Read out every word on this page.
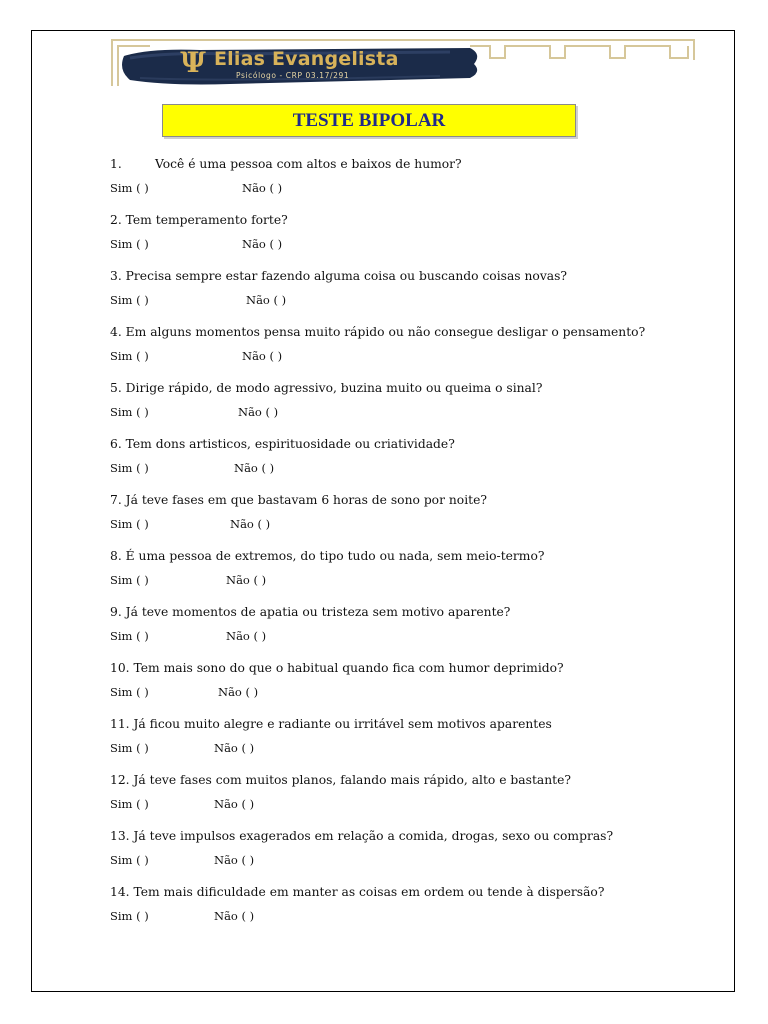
Ψ Elias Evangelista
Psicólogo - CRP 03.17/291
TESTE BIPOLAR
1.	Você é uma pessoa com altos e baixos de humor?
Sim ( )	Não ( )
2. Tem temperamento forte?
Sim ( )	Não ( )
3. Precisa sempre estar fazendo alguma coisa ou buscando coisas novas?
Sim ( )	Não ( )
4. Em alguns momentos pensa muito rápido ou não consegue desligar o pensamento?
Sim ( )	Não ( )
5. Dirige rápido, de modo agressivo, buzina muito ou queima o sinal?
Sim ( )	Não ( )
6. Tem dons artisticos, espirituosidade ou criatividade?
Sim ( )	Não ( )
7. Já teve fases em que bastavam 6 horas de sono por noite?
Sim ( )	Não ( )
8. É uma pessoa de extremos, do tipo tudo ou nada, sem meio-termo?
Sim ( )	Não ( )
9. Já teve momentos de apatia ou tristeza sem motivo aparente?
Sim ( )	Não ( )
10. Tem mais sono do que o habitual quando fica com humor deprimido?
Sim ( )	Não ( )
11. Já ficou muito alegre e radiante ou irritável sem motivos aparentes
Sim ( )	Não ( )
12. Já teve fases com muitos planos, falando mais rápido, alto e bastante?
Sim ( )	Não ( )
13. Já teve impulsos exagerados em relação a comida, drogas, sexo ou compras?
Sim ( )	Não ( )
14. Tem mais dificuldade em manter as coisas em ordem ou tende à dispersão?
Sim ( )	Não ( )
